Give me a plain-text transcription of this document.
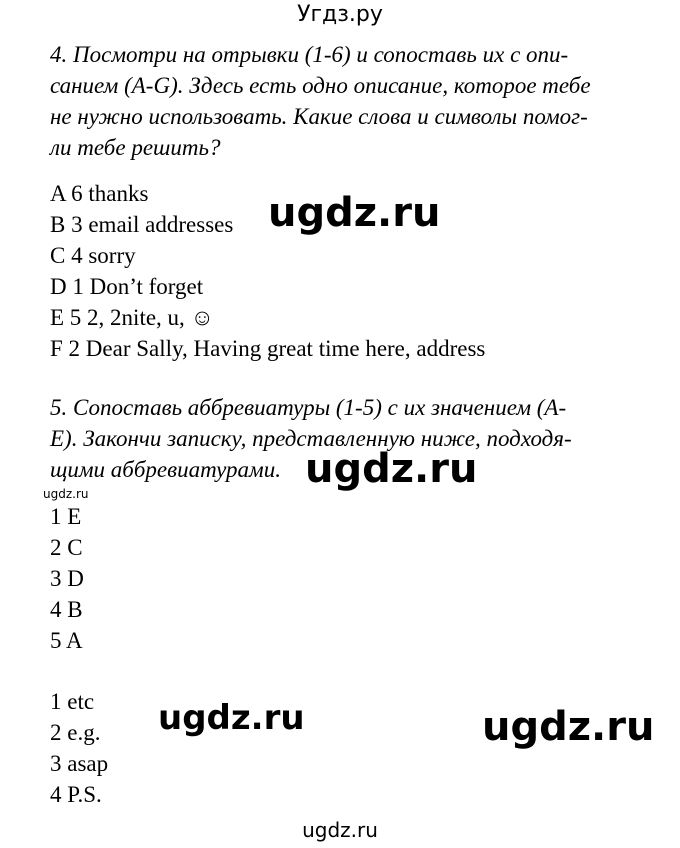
Угдз.ру
4. Посмотри на отрывки (1-6) и сопоставь их с опи-
санием (A-G). Здесь есть одно описание, которое тебе
не нужно использовать. Какие слова и символы помог-
ли тебе решить?
A 6 thanks
B 3 email addresses
C 4 sorry
D 1 Don’t forget
E 5 2, 2nite, u, ☺
F 2 Dear Sally, Having great time here, address
5. Сопоставь аббревиатуры (1-5) с их значением (A-
E). Закончи записку, представленную ниже, подходя-
щими аббревиатурами.
1 E
2 C
3 D
4 B
5 A
1 etc
2 e.g.
3 asap
4 P.S.
ugdz.ru
ugdz.ru
ugdz.ru
ugdz.ru	ugdz.ru
ugdz.ru
